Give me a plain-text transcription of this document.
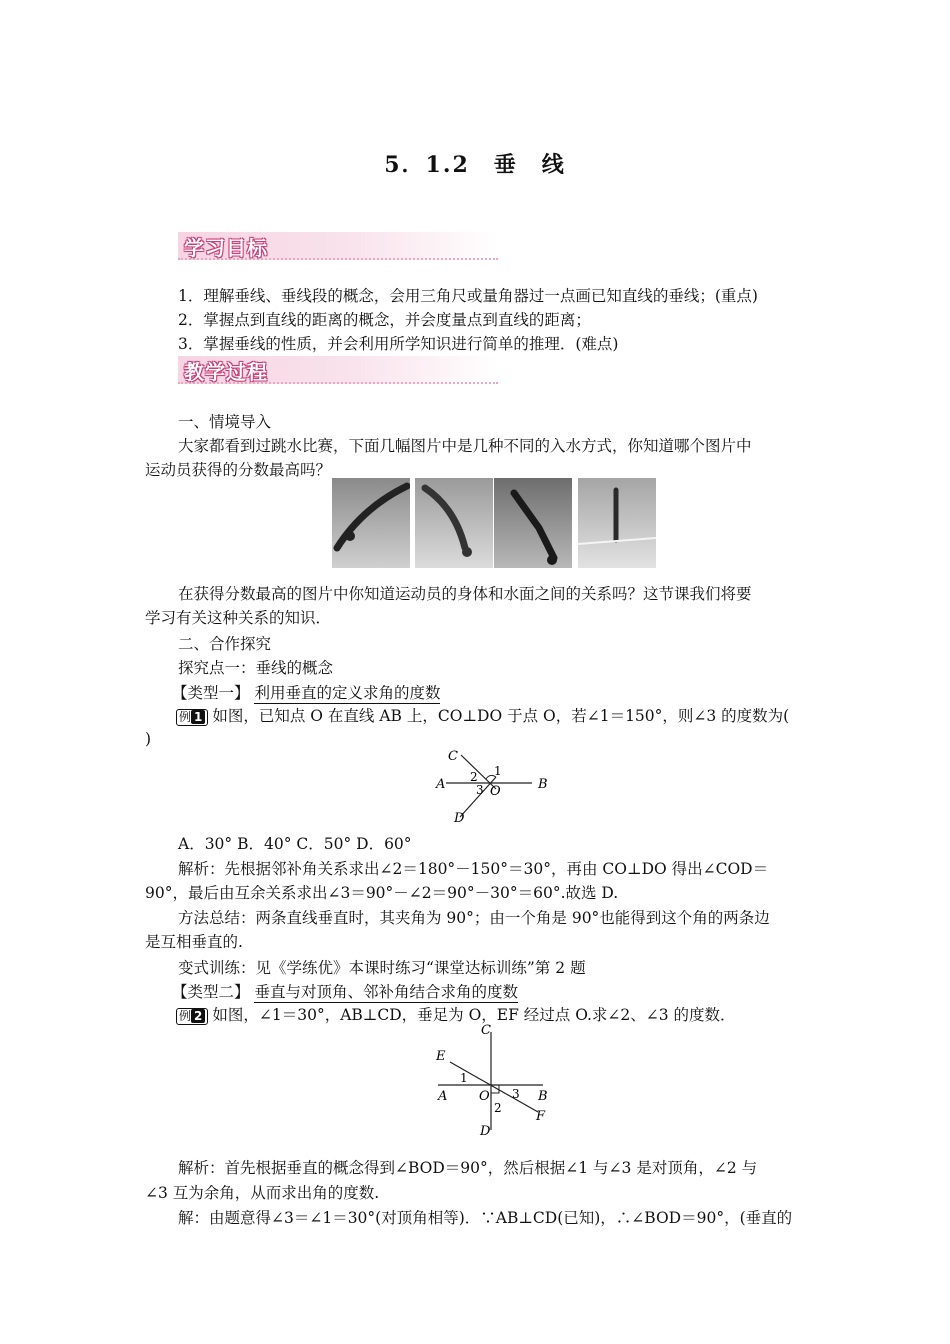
5．1.2　垂　线
学习目标
1．理解垂线、垂线段的概念，会用三角尺或量角器过一点画已知直线的垂线；(重点)
2．掌握点到直线的距离的概念，并会度量点到直线的距离；
3．掌握垂线的性质，并会利用所学知识进行简单的推理．(难点)
教学过程
一、情境导入
大家都看到过跳水比赛，下面几幅图片中是几种不同的入水方式，你知道哪个图片中
运动员获得的分数最高吗？
在获得分数最高的图片中你知道运动员的身体和水面之间的关系吗？这节课我们将要
学习有关这种关系的知识．
二、合作探究
探究点一：垂线的概念
【类型一】 利用垂直的定义求角的度数
例 1 如图，已知点 O 在直线 AB 上，CO⊥DO 于点 O，若∠1＝150°，则∠3 的度数为(
)
C
A	B
D
O
1
2
3
A．30° B．40° C．50° D．60°
解析：先根据邻补角关系求出∠2＝180°－150°＝30°，再由 CO⊥DO 得出∠COD＝
90°，最后由互余关系求出∠3＝90°－∠2＝90°－30°＝60°.故选 D.
方法总结：两条直线垂直时，其夹角为 90°；由一个角是 90°也能得到这个角的两条边
是互相垂直的.
变式训练：见《学练优》本课时练习“课堂达标训练”第 2 题
【类型二】 垂直与对顶角、邻补角结合求角的度数
例 2 如图，∠1＝30°，AB⊥CD，垂足为 O，EF 经过点 O.求∠2、∠3 的度数．
C
E
A O	B
F
D
1
2
3
解析：首先根据垂直的概念得到∠BOD＝90°，然后根据∠1 与∠3 是对顶角，∠2 与
∠3 互为余角，从而求出角的度数.
解：由题意得∠3＝∠1＝30°(对顶角相等)．∵AB⊥CD(已知)，∴∠BOD＝90°，(垂直的
